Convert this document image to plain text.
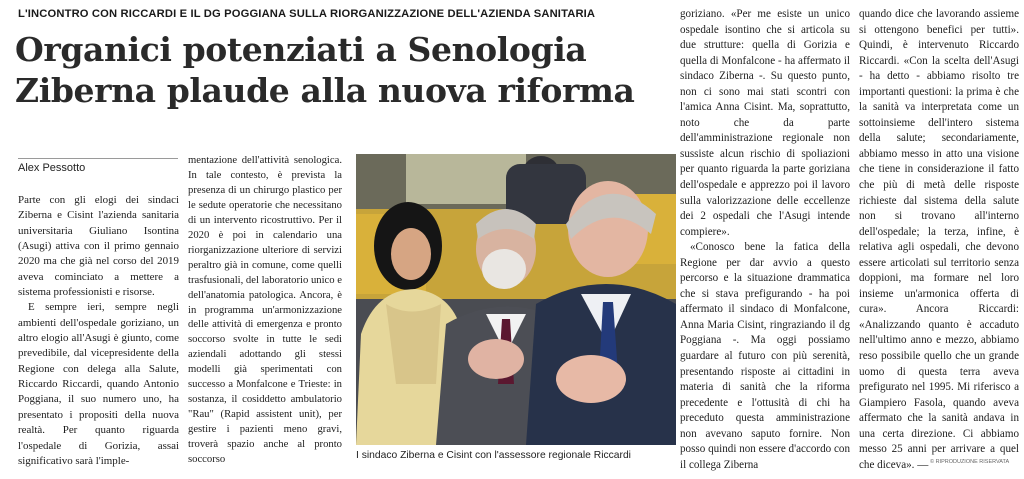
L'INCONTRO CON RICCARDI E IL DG POGGIANA SULLA RIORGANIZZAZIONE DELL'AZIENDA SANITARIA
Organici potenziati a Senologia
Ziberna plaude alla nuova riforma
Alex Pessotto

Parte con gli elogi dei sindaci Ziberna e Cisint l'azienda sanitaria universitaria Giuliano Isontina (Asugi) attiva con il primo gennaio 2020 ma che già nel corso del 2019 aveva cominciato a mettere a sistema professionisti e risorse.

E sempre ieri, sempre negli ambienti dell'ospedale goriziano, un altro elogio all'Asugi è giunto, come prevedibile, dal vicepresidente della Regione con delega alla Salute, Riccardo Riccardi, quando Antonio Poggiana, il suo numero uno, ha presentato i propositi della nuova realtà. Per quanto riguarda l'ospedale di Gorizia, assai significativo sarà l'imple-

mentazione dell'attività senologica. In tale contesto, è prevista la presenza di un chirurgo plastico per le sedute operatorie che necessitano di un intervento ricostruttivo. Per il 2020 è poi in calendario una riorganizzazione ulteriore di servizi peraltro già in comune, come quelli trasfusionali, del laboratorio unico e dell'anatomia patologica. Ancora, è in programma un'armonizzazione delle attività di emergenza e pronto soccorso svolte in tutte le sedi aziendali adottando gli stessi modelli già sperimentati con successo a Monfalcone e Trieste: in sostanza, il cosiddetto ambulatorio "Rau" (Rapid assistent unit), per gestire i pazienti meno gravi, troverà spazio anche al pronto soccorso	I sindaco Ziberna e Cisint con l'assessore regionale Riccardi

goriziano. «Per me esiste un unico ospedale isontino che si articola su due strutture: quella di Gorizia e quella di Monfalcone - ha affermato il sindaco Ziberna -. Su questo punto, non ci sono mai stati scontri con l'amica Anna Cisint. Ma, soprattutto, noto che da parte dell'amministrazione regionale non sussiste alcun rischio di spoliazioni per quanto riguarda la parte goriziana dell'ospedale e apprezzo poi il lavoro sulla valorizzazione delle eccellenze dei 2 ospedali che l'Asugi intende compiere».

«Conosco bene la fatica della Regione per dar avvio a questo percorso e la situazione drammatica che si stava prefigurando - ha poi affermato il sindaco di Monfalcone, Anna Maria Cisint, ringraziando il dg Poggiana -. Ma oggi possiamo guardare al futuro con più serenità, presentando risposte ai cittadini in materia di sanità che la riforma precedente e l'ottusità di chi ha preceduto questa amministrazione non avevano saputo fornire. Non posso quindi non essere d'accordo con il collega Ziberna

quando dice che lavorando assieme si ottengono benefici per tutti». Quindi, è intervenuto Riccardo Riccardi. «Con la scelta dell'Asugi - ha detto - abbiamo risolto tre importanti questioni: la prima è che la sanità va interpretata come un sottoinsieme dell'intero sistema della salute; secondariamente, abbiamo messo in atto una visione che tiene in considerazione il fatto che più di metà delle risposte richieste dal sistema della salute non si trovano all'interno dell'ospedale; la terza, infine, è relativa agli ospedali, che devono essere articolati sul territorio senza doppioni, ma formare nel loro insieme un'armonica offerta di cura». Ancora Riccardi: «Analizzando quanto è accaduto nell'ultimo anno e mezzo, abbiamo reso possibile quello che un grande uomo di questa terra aveva prefigurato nel 1995. Mi riferisco a Giampiero Fasola, quando aveva affermato che la sanità andava in una certa direzione. Ci abbiamo messo 25 anni per arrivare a quel che diceva». — © RIPRODUZIONE RISERVATA
